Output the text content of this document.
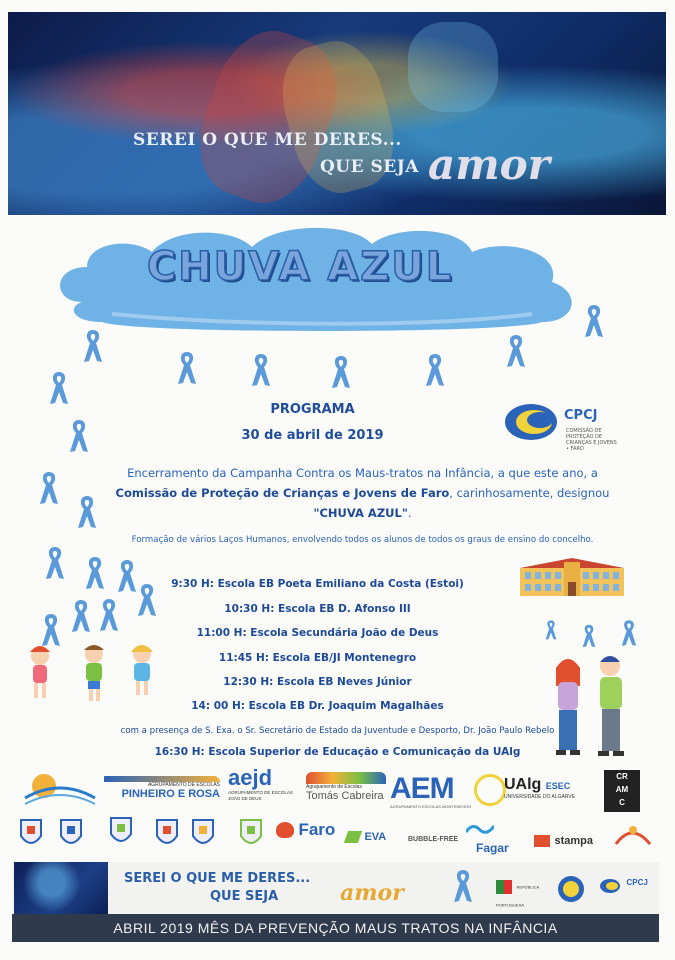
SEREI O QUE ME DERES...
QUE SEJA amor
CHUVA AZUL
PROGRAMA
30 de abril de 2019
CPCJ
COMISSÃO DE PROTEÇÃO DE CRIANÇAS E JOVENS • FARO
Encerramento da Campanha Contra os Maus-tratos na Infância, a que este ano, a
Comissão de Proteção de Crianças e Jovens de Faro, carinhosamente, designou
"CHUVA AZUL".
Formação de vários Laços Humanos, envolvendo todos os alunos de todos os graus de ensino do concelho.
9:30 H: Escola EB Poeta Emiliano da Costa (Estoi)
10:30 H: Escola EB D. Afonso III
11:00 H: Escola Secundária João de Deus
11:45 H: Escola EB/JI Montenegro
12:30 H: Escola EB Neves Júnior
14: 00 H: Escola EB Dr. Joaquim Magalhães
com a presença de S. Exa. o Sr. Secretário de Estado da Juventude e Desporto, Dr. João Paulo Rebelo
16:30 H: Escola Superior de Educação e Comunicação da UAlg
AGRUPAMENTO DE ESCOLAS
PINHEIRO E ROSA
aejd
AGRUPAMENTO DE ESCOLAS JOÃO DE DEUS
Agrupamento de Escolas
Tomás Cabreira AEM
AGRUPAMENTO ESCOLAS MONTENEGRO
UAlg ESEC
UNIVERSIDADE DO ALGARVE
CR
AM
C
Faro	EVA	BUBBLE-FREE
Fagar
stampa
SEREI O QUE ME DERES...
QUE SEJA	amor	REPÚBLICA PORTUGUESA
$^{CPCJ}$
ABRIL 2019 MÊS DA PREVENÇÃO MAUS TRATOS NA INFÂNCIA
